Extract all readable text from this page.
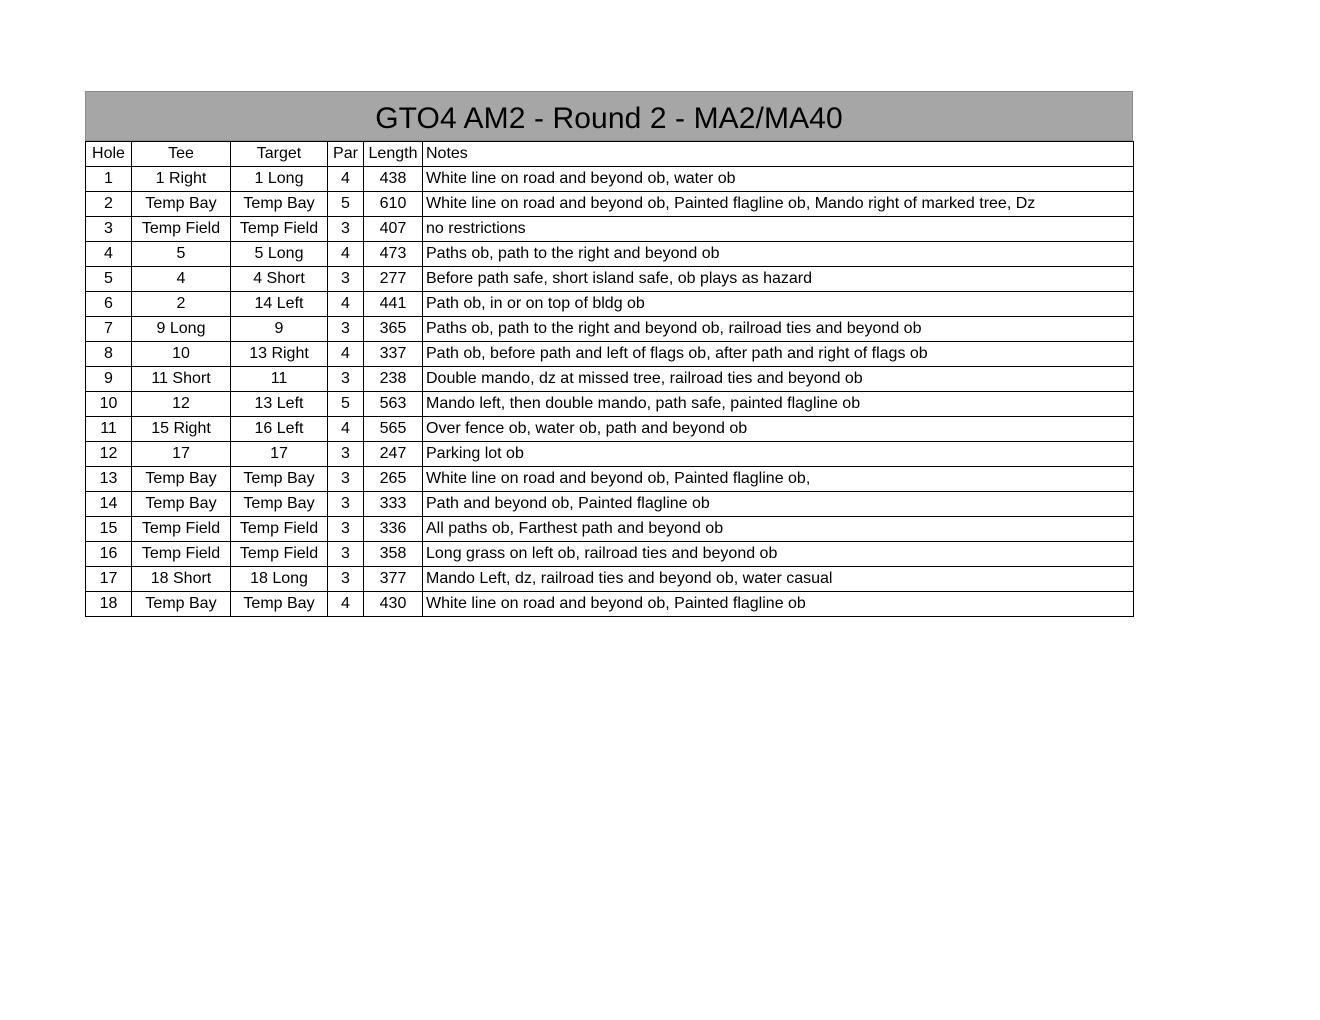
GTO4 AM2 - Round 2 - MA2/MA40
Hole	Tee	Target	Par	Length	Notes
1	1 Right	1 Long	4	438	White line on road and beyond ob, water ob
2	Temp Bay	Temp Bay	5	610	White line on road and beyond ob, Painted flagline ob, Mando right of marked tree, Dz
3	Temp Field	Temp Field	3	407	no restrictions
4	5	5 Long	4	473	Paths ob, path to the right and beyond ob
5	4	4 Short	3	277	Before path safe, short island safe, ob plays as hazard
6	2	14 Left	4	441	Path ob, in or on top of bldg ob
7	9 Long	9	3	365	Paths ob, path to the right and beyond ob, railroad ties and beyond ob
8	10	13 Right	4	337	Path ob, before path and left of flags ob, after path and right of flags ob
9	11 Short	11	3	238	Double mando, dz at missed tree, railroad ties and beyond ob
10	12	13 Left	5	563	Mando left, then double mando, path safe, painted flagline ob
11	15 Right	16 Left	4	565	Over fence ob, water ob, path and beyond ob
12	17	17	3	247	Parking lot ob
13	Temp Bay	Temp Bay	3	265	White line on road and beyond ob, Painted flagline ob,
14	Temp Bay	Temp Bay	3	333	Path and beyond ob, Painted flagline ob
15	Temp Field	Temp Field	3	336	All paths ob, Farthest path and beyond ob
16	Temp Field	Temp Field	3	358	Long grass on left ob, railroad ties and beyond ob
17	18 Short	18 Long	3	377	Mando Left, dz, railroad ties and beyond ob, water casual
18	Temp Bay	Temp Bay	4	430	White line on road and beyond ob, Painted flagline ob
